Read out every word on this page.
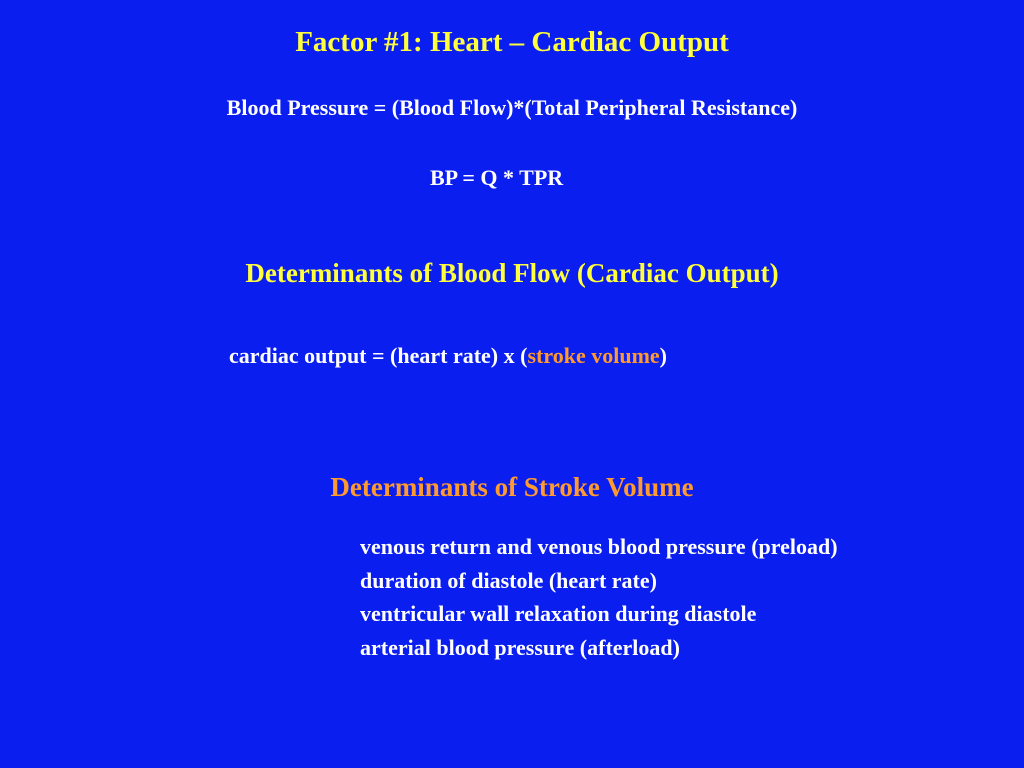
Factor #1: Heart – Cardiac Output
Blood Pressure = (Blood Flow)*(Total Peripheral Resistance)
BP = Q * TPR
Determinants of Blood Flow (Cardiac Output)
cardiac output = (heart rate) x (stroke volume)
Determinants of Stroke Volume
venous return and venous blood pressure (preload)
duration of diastole (heart rate)
ventricular wall relaxation during diastole
arterial blood pressure (afterload)
